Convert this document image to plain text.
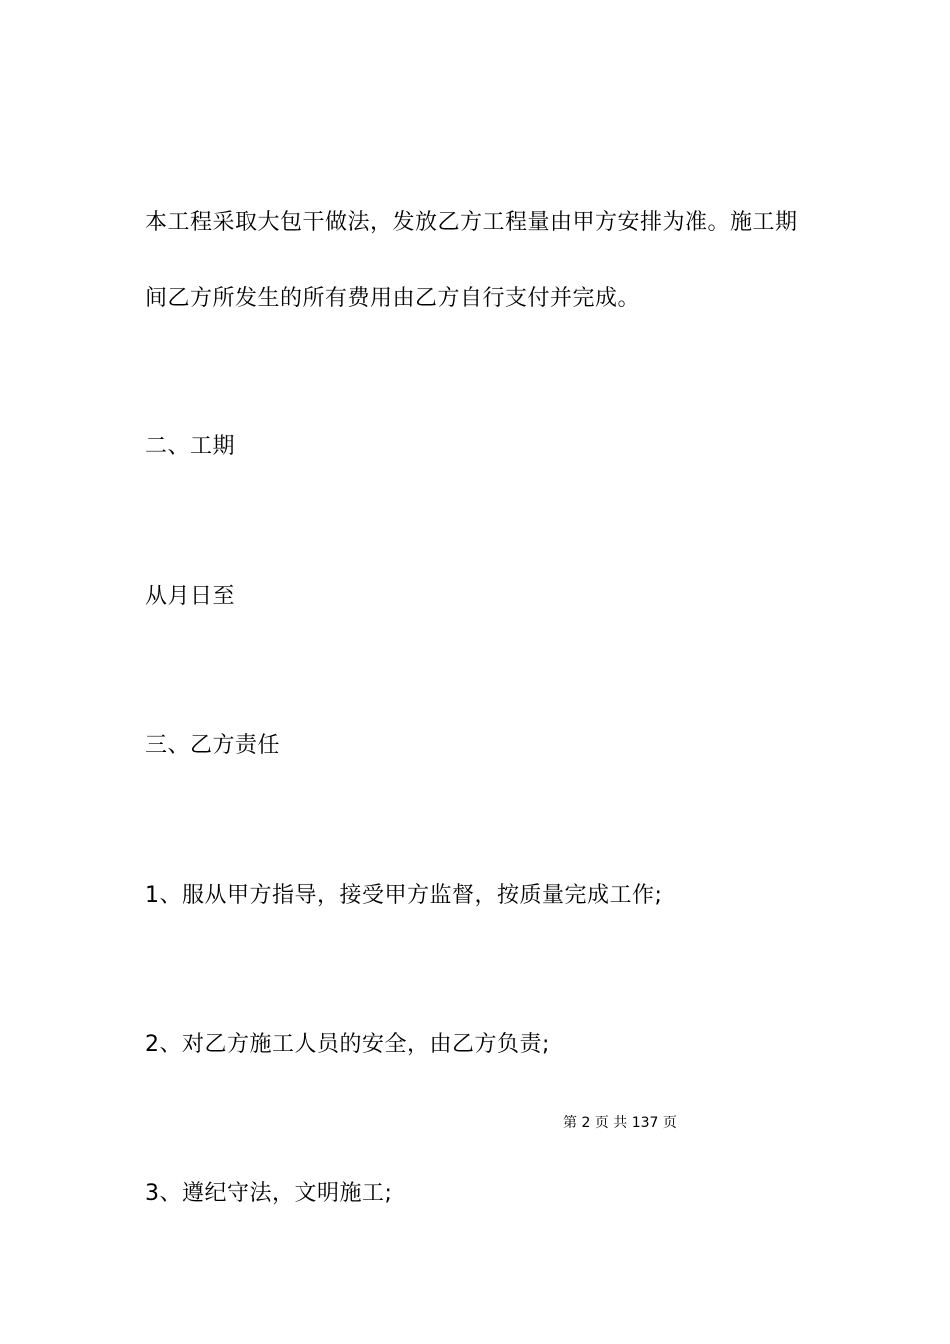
本工程采取大包干做法，发放乙方工程量由甲方安排为准。施工期
间乙方所发生的所有费用由乙方自行支付并完成。
二、工期
从月日至
三、乙方责任
1、服从甲方指导，接受甲方监督，按质量完成工作;
2、对乙方施工人员的安全，由乙方负责;
第 2 页 共 137 页
3、遵纪守法，文明施工;
